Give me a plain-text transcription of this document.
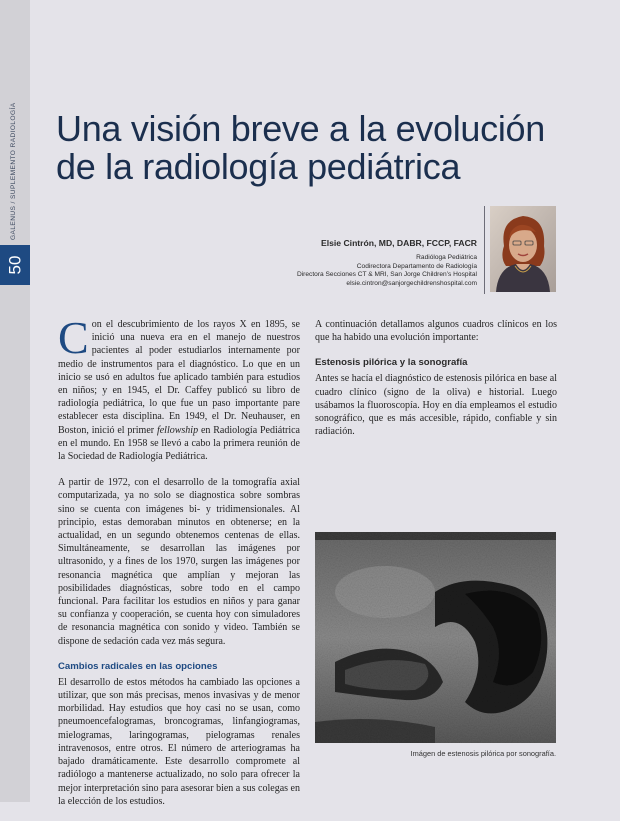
GALENUS / SUPLEMENTO RADIOLOGÍA
50
Una visión breve a la evolución
de la radiología pediátrica
Elsie Cintrón, MD, DABR, FCCP, FACR
Radióloga Pediátrica
Codirectora Departamento de Radiología
Directora Secciones CT & MRI, San Jorge Children’s Hospital
elsie.cintron@sanjorgechildrenshospital.com

Con el descubrimiento de los rayos X en 1895, se inició una nueva era en el manejo de nuestros pacientes al poder estudiarlos internamente por medio de instrumentos para el diagnóstico. Lo que en un inicio se usó en adultos fue aplicado también para estudios en niños; y en 1945, el Dr. Caffey publicó su libro de radiología pediátrica, lo que fue un paso importante pare establecer esta disciplina. En 1949, el Dr. Neuhauser, en Boston, inició el primer fellowship en Radiología Pediátrica en el mundo. En 1958 se llevó a cabo la primera reunión de la Sociedad de Radiología Pediátrica.

A partir de 1972, con el desarrollo de la tomografía axial computarizada, ya no solo se diagnostica sobre sombras sino se cuenta con imágenes bi- y tridimensionales. Al principio, estas demoraban minutos en obtenerse; en la actualidad, en un segundo obtenemos centenas de ellas. Simultáneamente, se desarrollan las imágenes por ultrasonido, y a fines de los 1970, surgen las imágenes por resonancia magnética que amplían y mejoran las posibilidades diagnósticas, sobre todo en el campo funcional. Para facilitar los estudios en niños y para ganar su confianza y cooperación, se cuenta hoy con simuladores de resonancia magnética con sonido y video. También se dispone de sedación cada vez más segura.

Cambios radicales en las opciones

El desarrollo de estos métodos ha cambiado las opciones a utilizar, que son más precisas, menos invasivas y de menor morbilidad. Hay estudios que hoy casi no se usan, como pneumoencefalogramas, broncogramas, linfangiogramas, mielogramas, laringogramas, pielogramas renales intravenosos, entre otros. El número de arteriogramas ha bajado dramáticamente. Este desarrollo compromete al radiólogo a mantenerse actualizado, no solo para ofrecer la mejor interpretación sino para asesorar bien a sus colegas en la elección de los estudios.

A continuación detallamos algunos cuadros clínicos en los que ha habido una evolución importante:

Estenosis pilórica y la sonografía

Antes se hacía el diagnóstico de estenosis pilórica en base al cuadro clínico (signo de la oliva) e historial. Luego usábamos la fluoroscopía. Hoy en día empleamos el estudio sonográfico, que es más accesible, rápido, confiable y sin radiación.

Imágen de estenosis pilórica por sonografía.
